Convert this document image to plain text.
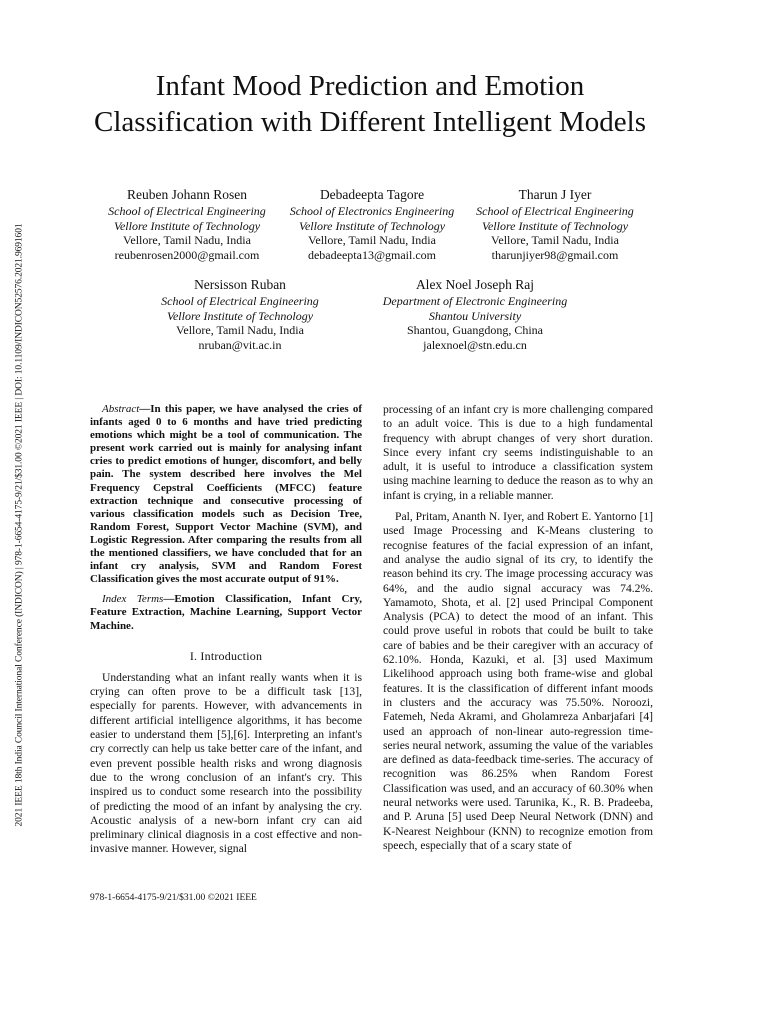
2021 IEEE 18th India Council International Conference (INDICON) | 978-1-6654-4175-9/21/$31.00 ©2021 IEEE | DOI: 10.1109/INDICON52576.2021.9691601
Infant Mood Prediction and Emotion Classification with Different Intelligent Models
Reuben Johann Rosen
School of Electrical Engineering
Vellore Institute of Technology
Vellore, Tamil Nadu, India
reubenrosen2000@gmail.com
Debadeepta Tagore
School of Electronics Engineering
Vellore Institute of Technology
Vellore, Tamil Nadu, India
debadeepta13@gmail.com
Tharun J Iyer
School of Electrical Engineering
Vellore Institute of Technology
Vellore, Tamil Nadu, India
tharunjiyer98@gmail.com
Nersisson Ruban
School of Electrical Engineering
Vellore Institute of Technology
Vellore, Tamil Nadu, India
nruban@vit.ac.in
Alex Noel Joseph Raj
Department of Electronic Engineering
Shantou University
Shantou, Guangdong, China
jalexnoel@stn.edu.cn

Abstract—In this paper, we have analysed the cries of infants aged 0 to 6 months and have tried predicting emotions which might be a tool of communication. The present work carried out is mainly for analysing infant cries to predict emotions of hunger, discomfort, and belly pain. The system described here involves the Mel Frequency Cepstral Coefficients (MFCC) feature extraction technique and consecutive processing of various classification models such as Decision Tree, Random Forest, Support Vector Machine (SVM), and Logistic Regression. After comparing the results from all the mentioned classifiers, we have concluded that for an infant cry analysis, SVM and Random Forest Classification gives the most accurate output of 91%.

Index Terms—Emotion Classification, Infant Cry, Feature Extraction, Machine Learning, Support Vector Machine.

I. Introduction

Understanding what an infant really wants when it is crying can often prove to be a difficult task [13], especially for parents. However, with advancements in different artificial intelligence algorithms, it has become easier to understand them [5],[6]. Interpreting an infant's cry correctly can help us take better care of the infant, and even prevent possible health risks and wrong diagnosis due to the wrong conclusion of an infant's cry. This inspired us to conduct some research into the possibility of predicting the mood of an infant by analysing the cry. Acoustic analysis of a new-born infant cry can aid preliminary clinical diagnosis in a cost effective and non-invasive manner. However, signal

processing of an infant cry is more challenging compared to an adult voice. This is due to a high fundamental frequency with abrupt changes of very short duration. Since every infant cry seems indistinguishable to an adult, it is useful to introduce a classification system using machine learning to deduce the reason as to why an infant is crying, in a reliable manner.

Pal, Pritam, Ananth N. Iyer, and Robert E. Yantorno [1] used Image Processing and K-Means clustering to recognise features of the facial expression of an infant, and analyse the audio signal of its cry, to identify the reason behind its cry. The image processing accuracy was 64%, and the audio signal accuracy was 74.2%. Yamamoto, Shota, et al. [2] used Principal Component Analysis (PCA) to detect the mood of an infant. This could prove useful in robots that could be built to take care of babies and be their caregiver with an accuracy of 62.10%. Honda, Kazuki, et al. [3] used Maximum Likelihood approach using both frame-wise and global features. It is the classification of different infant moods in clusters and the accuracy was 75.50%. Noroozi, Fatemeh, Neda Akrami, and Gholamreza Anbarjafari [4] used an approach of non-linear auto-regression time-series neural network, assuming the value of the variables are defined as data-feedback time-series. The accuracy of recognition was 86.25% when Random Forest Classification was used, and an accuracy of 60.30% when neural networks were used. Tarunika, K., R. B. Pradeeba, and P. Aruna [5] used Deep Neural Network (DNN) and K-Nearest Neighbour (KNN) to recognize emotion from speech, especially that of a scary state of

978-1-6654-4175-9/21/$31.00 ©2021 IEEE
